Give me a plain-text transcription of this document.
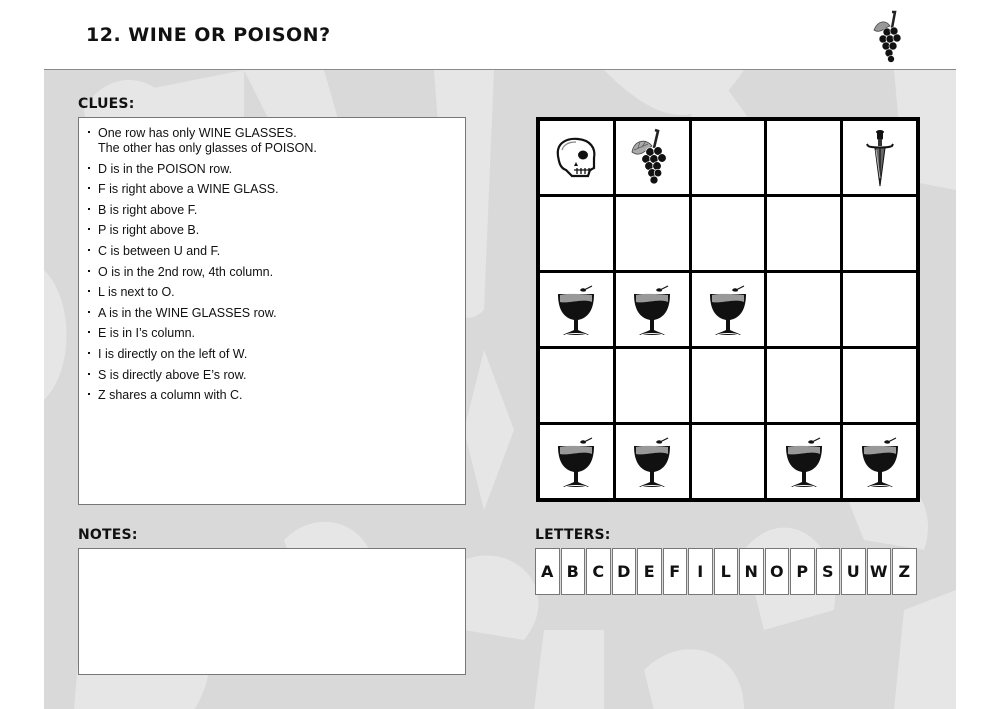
12. WINE OR POISON?
CLUES:
One row has only WINE GLASSES.
The other has only glasses of POISON.
D is in the POISON row.
F is right above a WINE GLASS.
B is right above F.
P is right above B.
C is between U and F.
O is in the 2nd row, 4th column.
L is next to O.
A is in the WINE GLASSES row.
E is in I’s column.
I is directly on the left of W.
S is directly above E’s row.
Z shares a column with C.
NOTES:	LETTERS:
A B C D E F	I	L N O P S U W Z
